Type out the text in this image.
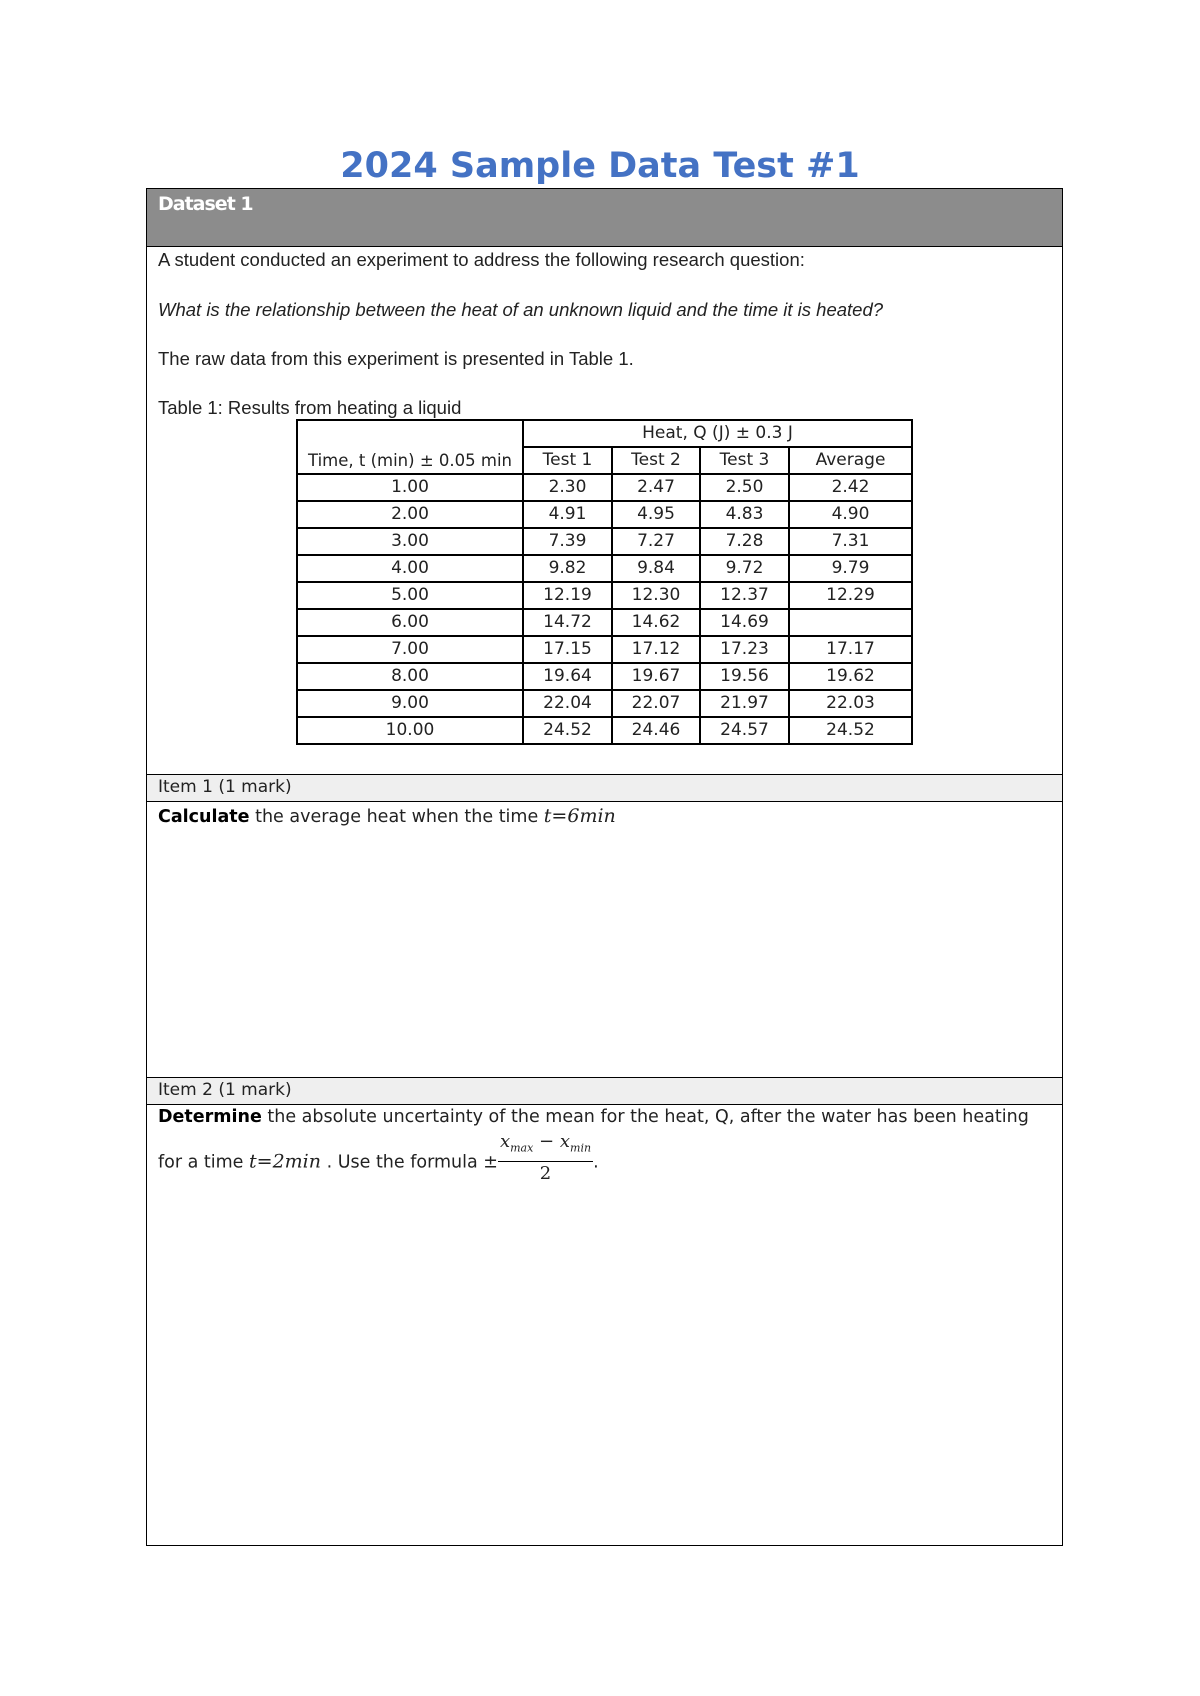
2024 Sample Data Test #1
Dataset 1
A student conducted an experiment to address the following research question:
What is the relationship between the heat of an unknown liquid and the time it is heated?
The raw data from this experiment is presented in Table 1.
Table 1: Results from heating a liquid
	Heat, Q (J) ± 0.3 J			
Time, t (min) ± 0.05 min	Test 1	Test 2	Test 3	Average
1.00	2.30	2.47	2.50	2.42
2.00	4.91	4.95	4.83	4.90
3.00	7.39	7.27	7.28	7.31
4.00	9.82	9.84	9.72	9.79
5.00	12.19	12.30	12.37	12.29
6.00	14.72	14.62	14.69	
7.00	17.15	17.12	17.23	17.17
8.00	19.64	19.67	19.56	19.62
9.00	22.04	22.07	21.97	22.03
10.00	24.52	24.46	24.57	24.52
Item 1 (1 mark)
Calculate the average heat when the time t=6min
Item 2 (1 mark)
Determine the absolute uncertainty of the mean for the heat, Q, after the water has been heating
for a time t=2min . Use the formula ± $\frac{x_{max} - x_{min}}{2}$ .
